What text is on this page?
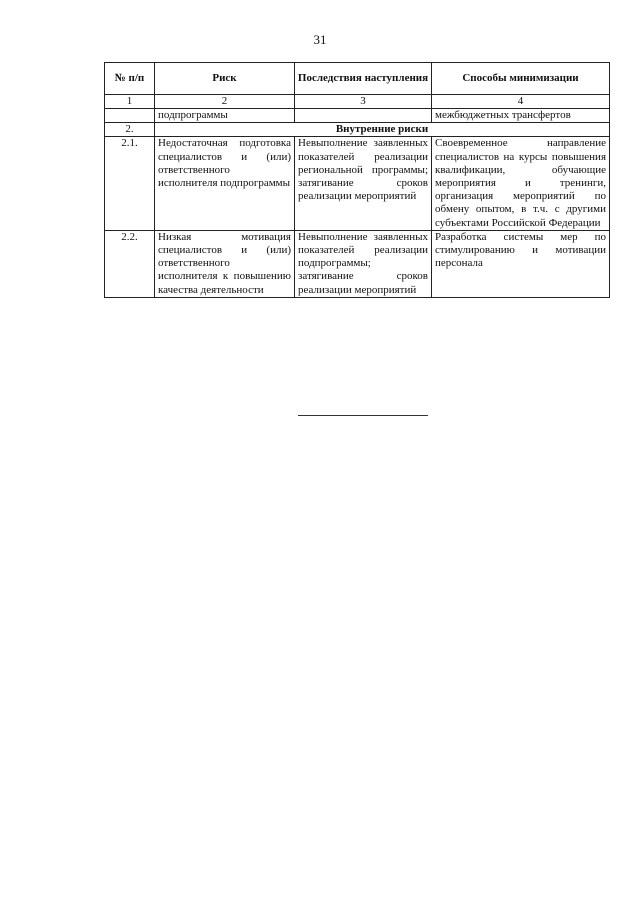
31
№ п/п	Риск	Последствия наступления	Способы минимизации
1	2	3	4
	подпрограммы		межбюджетных трансфертов
2.	Внутренние риски		
2.1.	Недостаточная подготовка специалистов и (или) ответственного исполнителя подпрограммы	Невыполнение заявленных показателей реализации региональной программы; затягивание сроков реализации мероприятий	Своевременное направление специалистов на курсы повышения квалификации, обучающие мероприятия и тренинги, организация мероприятий по обмену опытом, в т.ч. с другими субъектами Российской Федерации
2.2.	Низкая мотивация специалистов и (или) ответственного исполнителя к повышению качества деятельности	Невыполнение заявленных показателей реализации подпрограммы; затягивание сроков реализации мероприятий	Разработка системы мер по стимулированию и мотивации персонала
